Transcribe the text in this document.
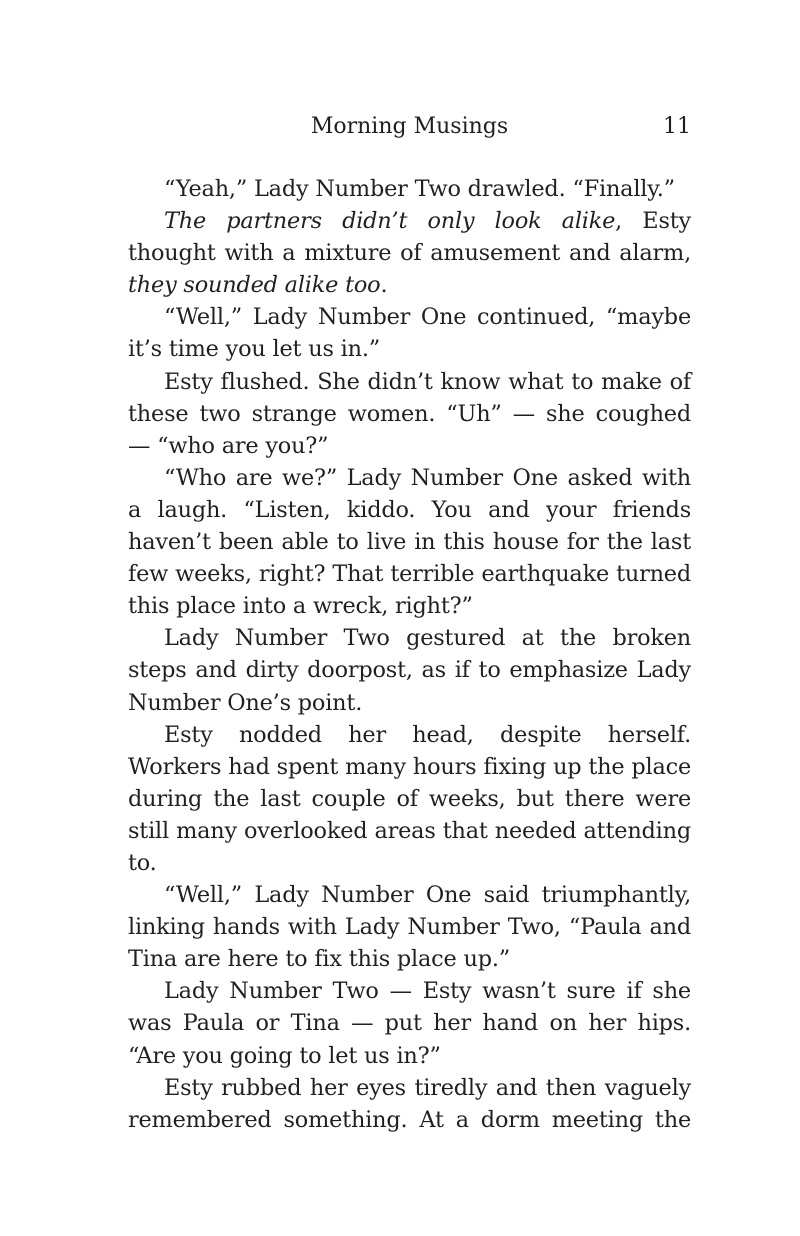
Morning Musings	11

“Yeah,” Lady Number Two drawled. “Finally.”

The partners didn’t only look alike, Esty thought with a mixture of amusement and alarm, they sounded alike too.

“Well,” Lady Number One continued, “maybe it’s time you let us in.”

Esty flushed. She didn’t know what to make of these two strange women. “Uh” — she coughed — “who are you?”

“Who are we?” Lady Number One asked with a laugh. “Listen, kiddo. You and your friends haven’t been able to live in this house for the last few weeks, right? That terrible earthquake turned this place into a wreck, right?”

Lady Number Two gestured at the broken steps and dirty doorpost, as if to emphasize Lady Number One’s point.

Esty nodded her head, despite herself. Workers had spent many hours fixing up the place during the last couple of weeks, but there were still many overlooked areas that needed attending to.

“Well,” Lady Number One said triumphantly, linking hands with Lady Number Two, “Paula and Tina are here to fix this place up.”

Lady Number Two — Esty wasn’t sure if she was Paula or Tina — put her hand on her hips. “Are you going to let us in?”

Esty rubbed her eyes tiredly and then vaguely remembered something. At a dorm meeting the
